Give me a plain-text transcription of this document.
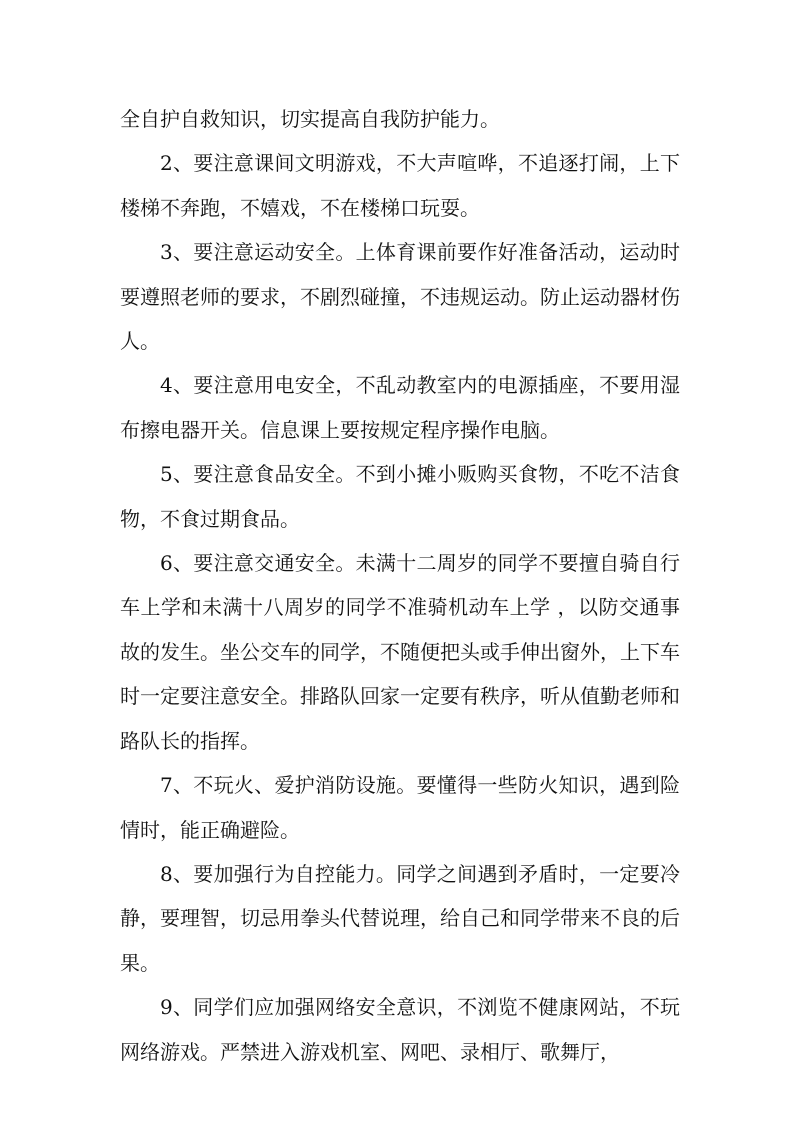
全自护自救知识，切实提高自我防护能力。

2、要注意课间文明游戏，不大声喧哗，不追逐打闹，上下楼梯不奔跑，不嬉戏，不在楼梯口玩耍。

3、要注意运动安全。上体育课前要作好准备活动，运动时要遵照老师的要求，不剧烈碰撞，不违规运动。防止运动器材伤人。

4、要注意用电安全，不乱动教室内的电源插座，不要用湿布擦电器开关。信息课上要按规定程序操作电脑。

5、要注意食品安全。不到小摊小贩购买食物，不吃不洁食物，不食过期食品。

6、要注意交通安全。未满十二周岁的同学不要擅自骑自行车上学和未满十八周岁的同学不准骑机动车上学 ，以防交通事故的发生。坐公交车的同学，不随便把头或手伸出窗外，上下车时一定要注意安全。排路队回家一定要有秩序，听从值勤老师和路队长的指挥。

7、不玩火、爱护消防设施。要懂得一些防火知识，遇到险情时，能正确避险。

8、要加强行为自控能力。同学之间遇到矛盾时，一定要冷静，要理智，切忌用拳头代替说理，给自己和同学带来不良的后果。

9、同学们应加强网络安全意识，不浏览不健康网站，不玩网络游戏。严禁进入游戏机室、网吧、录相厅、歌舞厅，
